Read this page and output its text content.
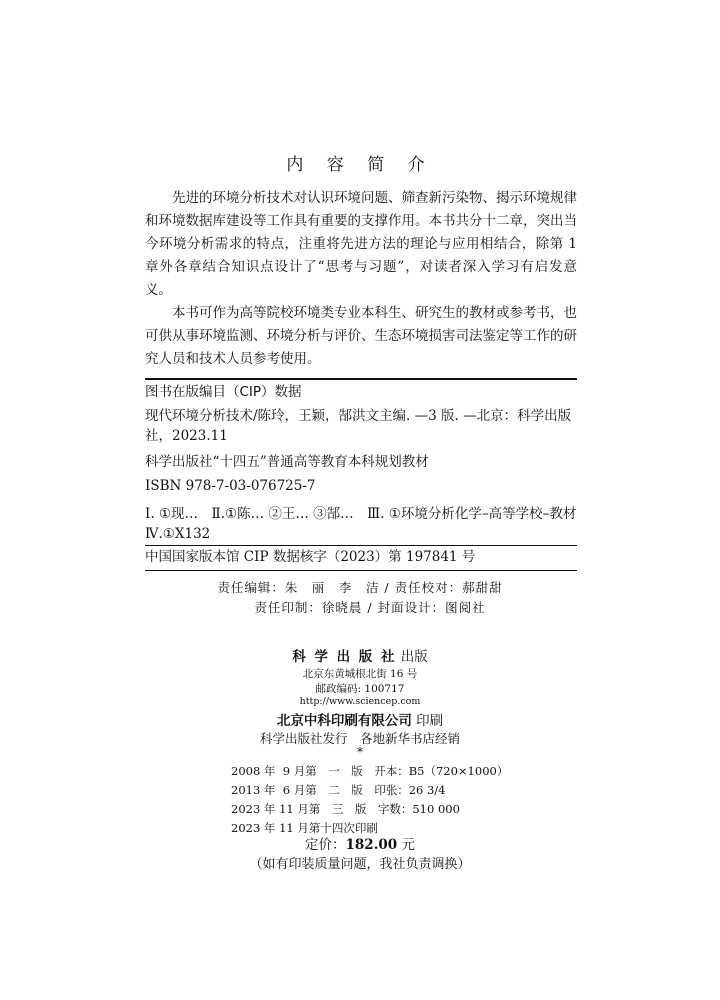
内 容 简 介

先进的环境分析技术对认识环境问题、筛查新污染物、揭示环境规律和环境数据库建设等工作具有重要的支撑作用。本书共分十二章，突出当今环境分析需求的特点，注重将先进方法的理论与应用相结合，除第 1 章外各章结合知识点设计了“思考与习题”，对读者深入学习有启发意义。

本书可作为高等院校环境类专业本科生、研究生的教材或参考书，也可供从事环境监测、环境分析与评价、生态环境损害司法鉴定等工作的研究人员和技术人员参考使用。

图书在版编目（CIP）数据

现代环境分析技术/陈玲，王颖，郜洪文主编. —3 版. —北京：科学出版社，2023.11

科学出版社“十四五”普通高等教育本科规划教材

ISBN 978-7-03-076725-7

Ⅰ. ①现…　Ⅱ.①陈… ②王… ③郜…　Ⅲ. ①环境分析化学–高等学校–教材　Ⅳ.①X132

中国国家版本馆 CIP 数据核字（2023）第 197841 号
责任编辑：朱　丽　李　洁 / 责任校对：郝甜甜
责任印制：徐晓晨 / 封面设计：图阅社
科 学 出 版 社 出版
北京东黄城根北街 16 号
邮政编码: 100717
http://www.sciencep.com
北京中科印刷有限公司 印刷
科学出版社发行　各地新华书店经销
*
2008 年  9 月第　一　版　开本：B5（720×1000）
2013 年  6 月第　二　版　印张：26 3/4
2023 年 11 月第　三　版　字数：510 000
2023 年 11 月第十四次印刷
定价：182.00 元
（如有印装质量问题，我社负责调换）
